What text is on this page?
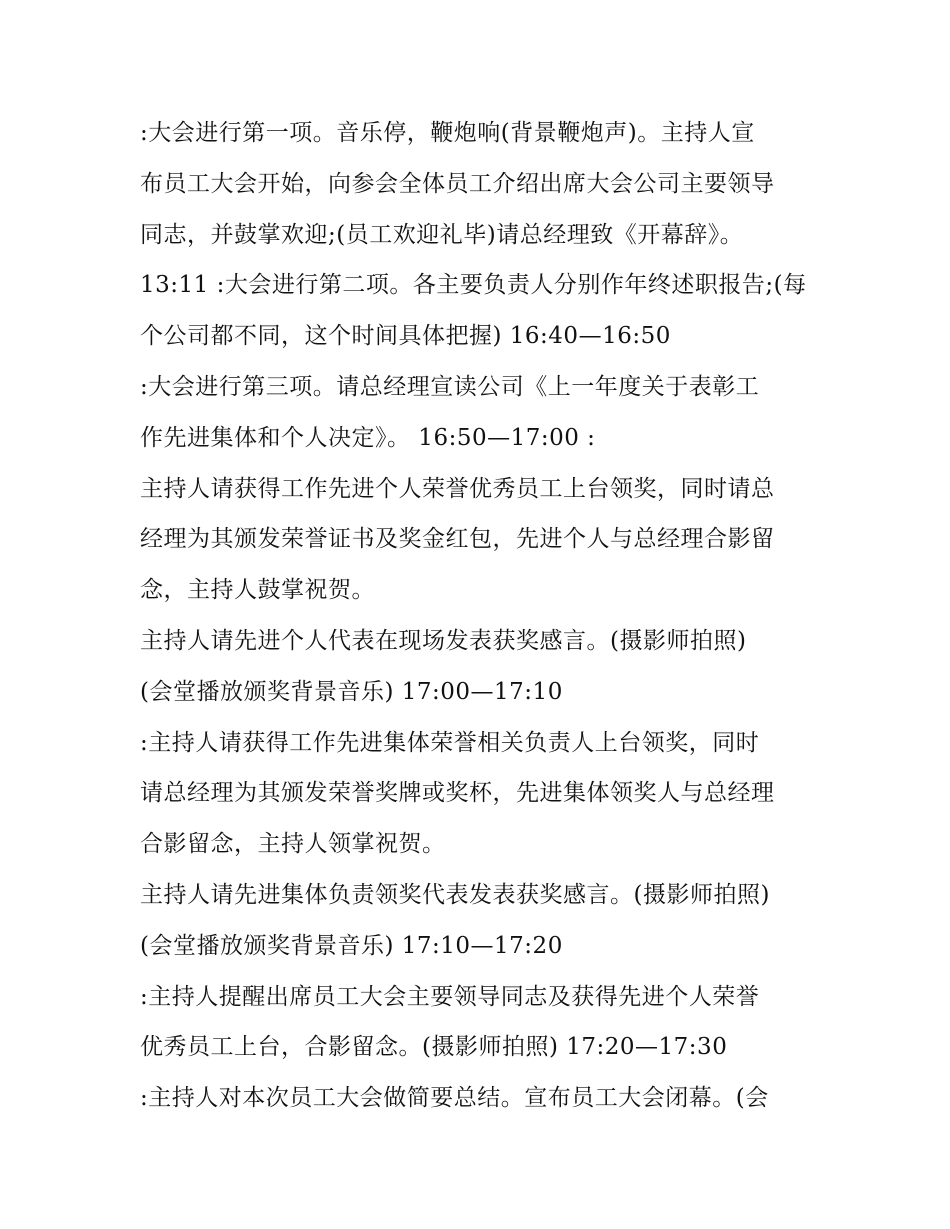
:大会进行第一项。音乐停，鞭炮响(背景鞭炮声)。主持人宣
布员工大会开始，向参会全体员工介绍出席大会公司主要领导
同志，并鼓掌欢迎;(员工欢迎礼毕)请总经理致《开幕辞》。
13:11 :大会进行第二项。各主要负责人分别作年终述职报告;(每
个公司都不同，这个时间具体把握) 16:40—16:50
:大会进行第三项。请总经理宣读公司《上一年度关于表彰工
作先进集体和个人决定》。 16:50—17:00 :
主持人请获得工作先进个人荣誉优秀员工上台领奖，同时请总
经理为其颁发荣誉证书及奖金红包，先进个人与总经理合影留
念，主持人鼓掌祝贺。
主持人请先进个人代表在现场发表获奖感言。(摄影师拍照)
(会堂播放颁奖背景音乐) 17:00—17:10
:主持人请获得工作先进集体荣誉相关负责人上台领奖，同时
请总经理为其颁发荣誉奖牌或奖杯，先进集体领奖人与总经理
合影留念，主持人领掌祝贺。
主持人请先进集体负责领奖代表发表获奖感言。(摄影师拍照)
(会堂播放颁奖背景音乐) 17:10—17:20
:主持人提醒出席员工大会主要领导同志及获得先进个人荣誉
优秀员工上台，合影留念。(摄影师拍照) 17:20—17:30
:主持人对本次员工大会做简要总结。宣布员工大会闭幕。(会
